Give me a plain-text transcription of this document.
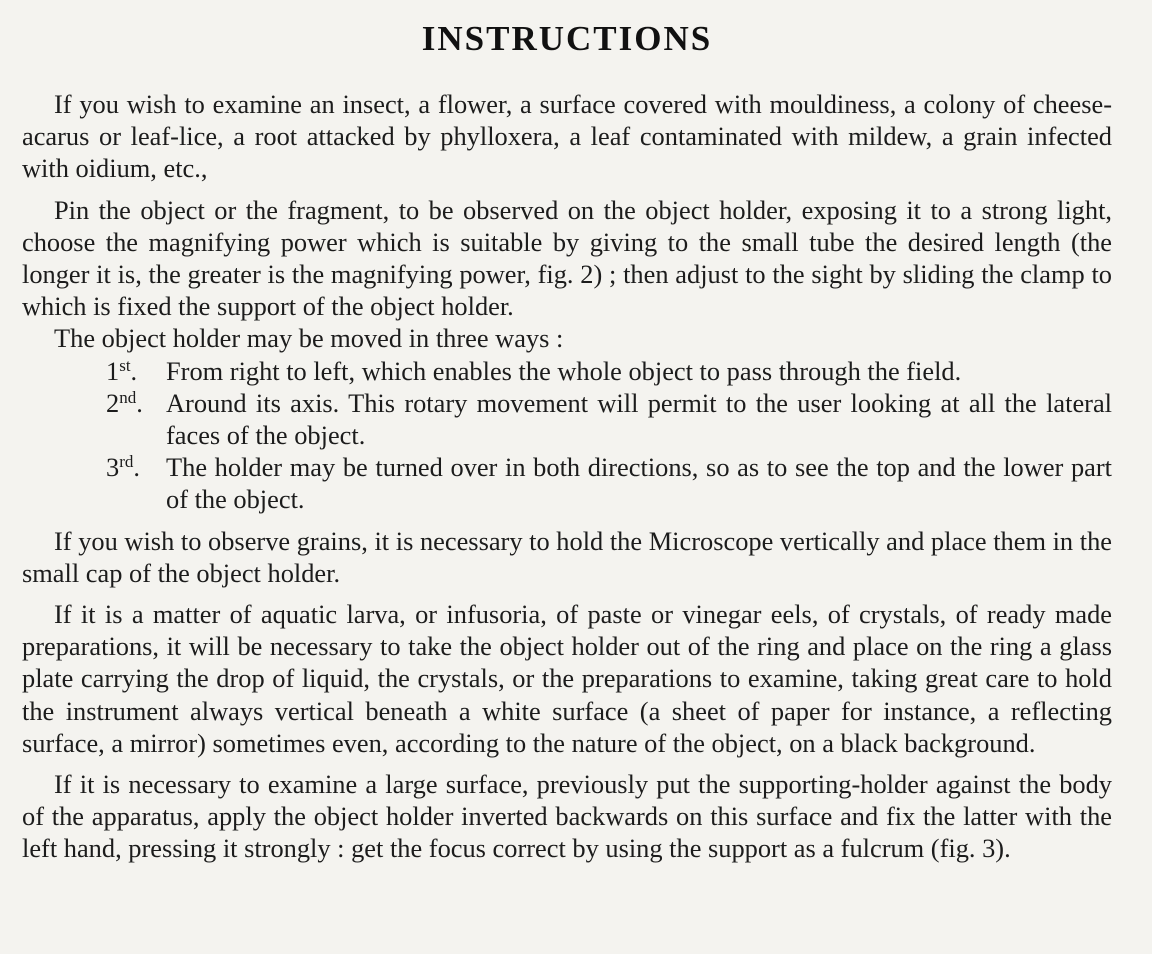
INSTRUCTIONS

If you wish to examine an insect, a flower, a surface covered with mouldiness, a colony of cheese-acarus or leaf-lice, a root attacked by phylloxera, a leaf contaminated with mildew, a grain infected with oidium, etc.,

Pin the object or the fragment, to be observed on the object holder, exposing it to a strong light, choose the magnifying power which is suitable by giving to the small tube the desired length (the longer it is, the greater is the magnifying power, fig. 2) ; then adjust to the sight by sliding the clamp to which is fixed the support of the object holder.

The object holder may be moved in three ways :

1st.	From right to left, which enables the whole object to pass through the field.
2nd. Around its axis. This rotary movement will permit to the user looking at all the lateral faces of the object.
3rd. The holder may be turned over in both directions, so as to see the top and the lower part of the object.

If you wish to observe grains, it is necessary to hold the Microscope vertically and place them in the small cap of the object holder.

If it is a matter of aquatic larva, or infusoria, of paste or vinegar eels, of crystals, of ready made preparations, it will be necessary to take the object holder out of the ring and place on the ring a glass plate carrying the drop of liquid, the crystals, or the preparations to examine, taking great care to hold the instrument always vertical beneath a white surface (a sheet of paper for instance, a reflecting surface, a mirror) sometimes even, according to the nature of the object, on a black background.

If it is necessary to examine a large surface, previously put the supporting-holder against the body of the apparatus, apply the object holder inverted backwards on this surface and fix the latter with the left hand, pressing it strongly : get the focus correct by using the support as a fulcrum (fig. 3).
